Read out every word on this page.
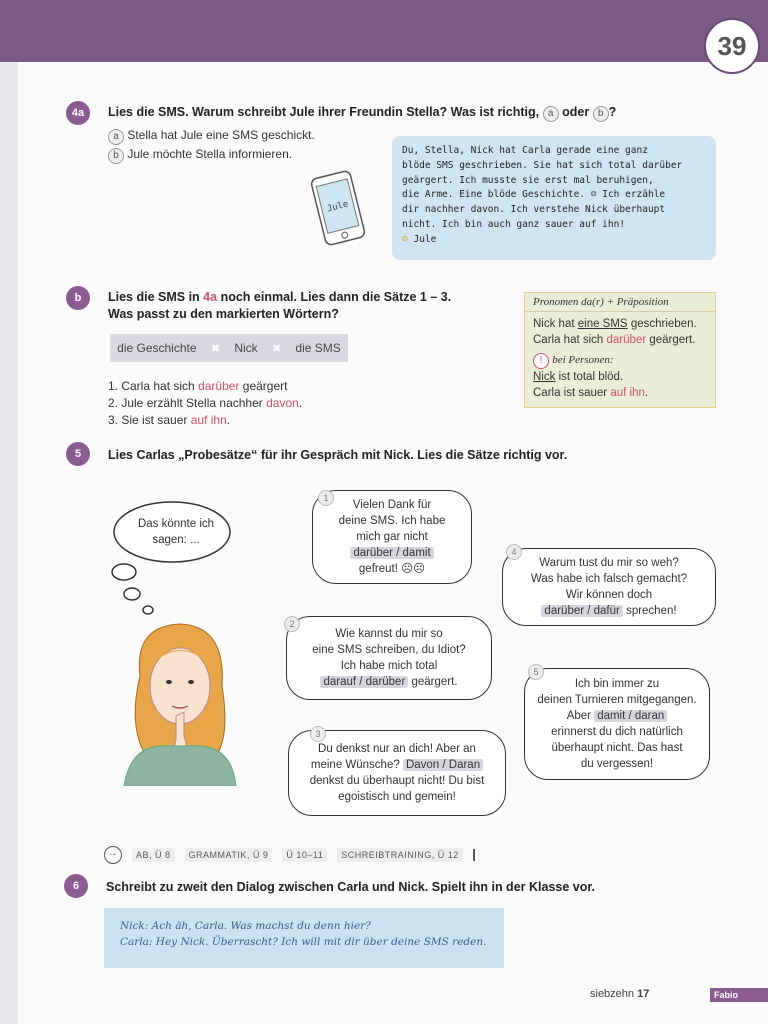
39
4a	Lies die SMS. Warum schreibt Jule ihrer Freundin Stella? Was ist richtig, a oder b ?
a Stella hat Jule eine SMS geschickt.
b Jule möchte Stella informieren.
Jule
Du, Stella, Nick hat Carla gerade eine ganz
blöde SMS geschrieben. Sie hat sich total darüber
geärgert. Ich musste sie erst mal beruhigen,
die Arme. Eine blöde Geschichte. ☹ Ich erzähle
dir nachher davon. Ich verstehe Nick überhaupt
nicht. Ich bin auch ganz sauer auf ihn!
☹ Jule
b	Lies die SMS in 4a noch einmal. Lies dann die Sätze 1 – 3.
Was passt zu den markierten Wörtern?
die Geschichte ✖ Nick ✖ die SMS
1. Carla hat sich darüber geärgert
2. Jule erzählt Stella nachher davon.
3. Sie ist sauer auf ihn.
Pronomen da(r) + Präposition
Nick hat eine SMS geschrieben.
Carla hat sich darüber geärgert.
! bei Personen:
Nick ist total blöd.
Carla ist sauer auf ihn.
5	Lies Carlas „Probesätze“ für ihr Gespräch mit Nick. Lies die Sätze richtig vor.
Das könnte ich sagen: ...
Vielen Dank für
deine SMS. Ich habe
mich gar nicht
darüber / damit
gefreut! ☹☹
1
Wie kannst du mir so
eine SMS schreiben, du Idiot?
Ich habe mich total
darauf / darüber geärgert.
2
Du denkst nur an dich! Aber an
meine Wünsche? Davon / Daran
denkst du überhaupt nicht! Du bist
egoistisch und gemein!
3
Warum tust du mir so weh?
Was habe ich falsch gemacht?
Wir können doch
darüber / dafür sprechen!
4
Ich bin immer zu
deinen Turnieren mitgegangen.
Aber damit / daran
erinnerst du dich natürlich
überhaupt nicht. Das hast
du vergessen!
5
→	AB, Ü 8	GRAMMATIK, Ü 9	Ü 10–11	SCHREIBTRAINING, Ü 12
6	Schreibt zu zweit den Dialog zwischen Carla und Nick. Spielt ihn in der Klasse vor.
Nick: Ach äh, Carla. Was machst du denn hier?
Carla: Hey Nick. Überrascht? Ich will mit dir über deine SMS reden.
siebzehn 17	Fabio
